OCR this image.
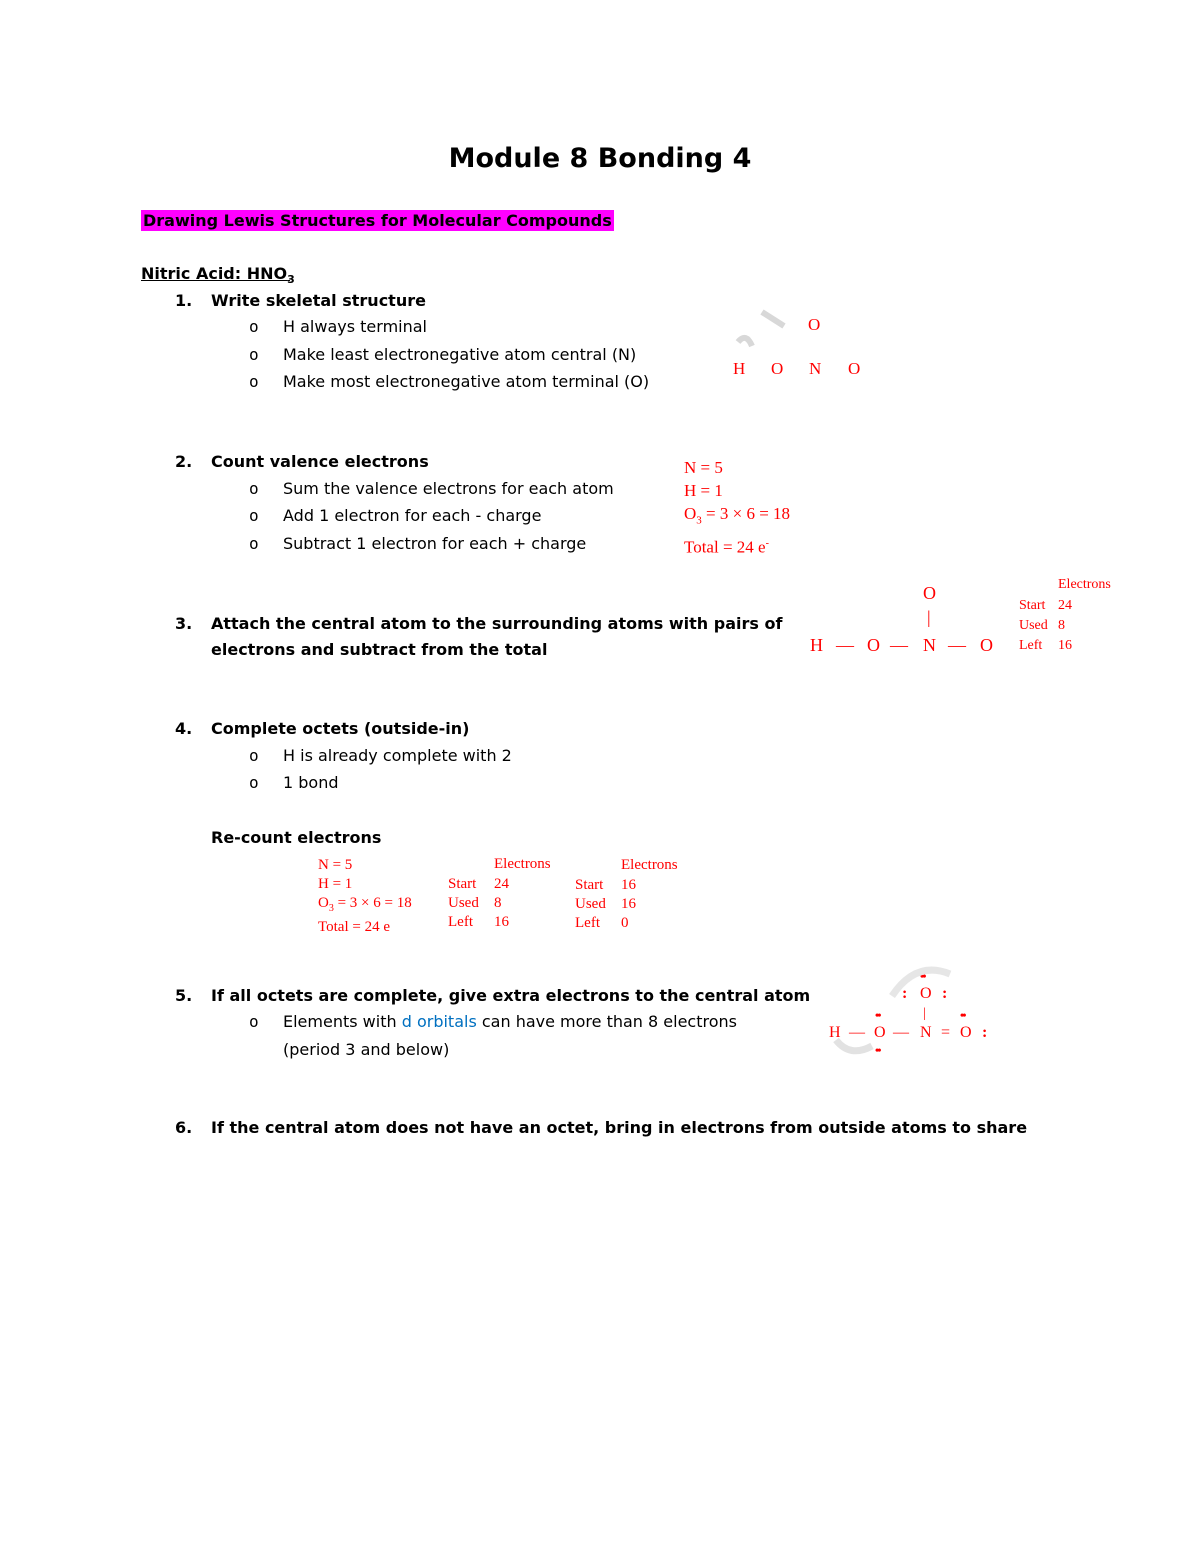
Module 8 Bonding 4
Drawing Lewis Structures for Molecular Compounds
Nitric Acid: $HNO_3$
1. Write skeletal structure
o H always terminal
o Make least electronegative atom central (N)
o Make most electronegative atom terminal (O)
O
H O N O
2. Count valence electrons
o Sum the valence electrons for each atom
o Add 1 electron for each - charge
o Subtract 1 electron for each + charge
N = 5
H = 1
$O_3 = 3 \times 6 = 18$
Total = 24 e-
3. Attach the central atom to the surrounding atoms with pairs of
electrons and subtract from the total
O
|
H — O — N — O
Electrons
Start 24
Used 8
Left 16
4. Complete octets (outside-in)
o H is already complete with 2
o 1 bond
Re-count electrons
N = 5
H = 1
$O_3 = 3 \times 6 = 18$
Total = 24 e
Electrons
Start 24
Used 8
Left 16
Electrons
Start 16
Used 16
Left 0
5. If all octets are complete, give extra electrons to the central atom
o Elements with d orbitals can have more than 8 electrons
(period 3 and below)
••
: O :
|
••	••
H — O — N = O :
••
6. If the central atom does not have an octet, bring in electrons from outside atoms to share
